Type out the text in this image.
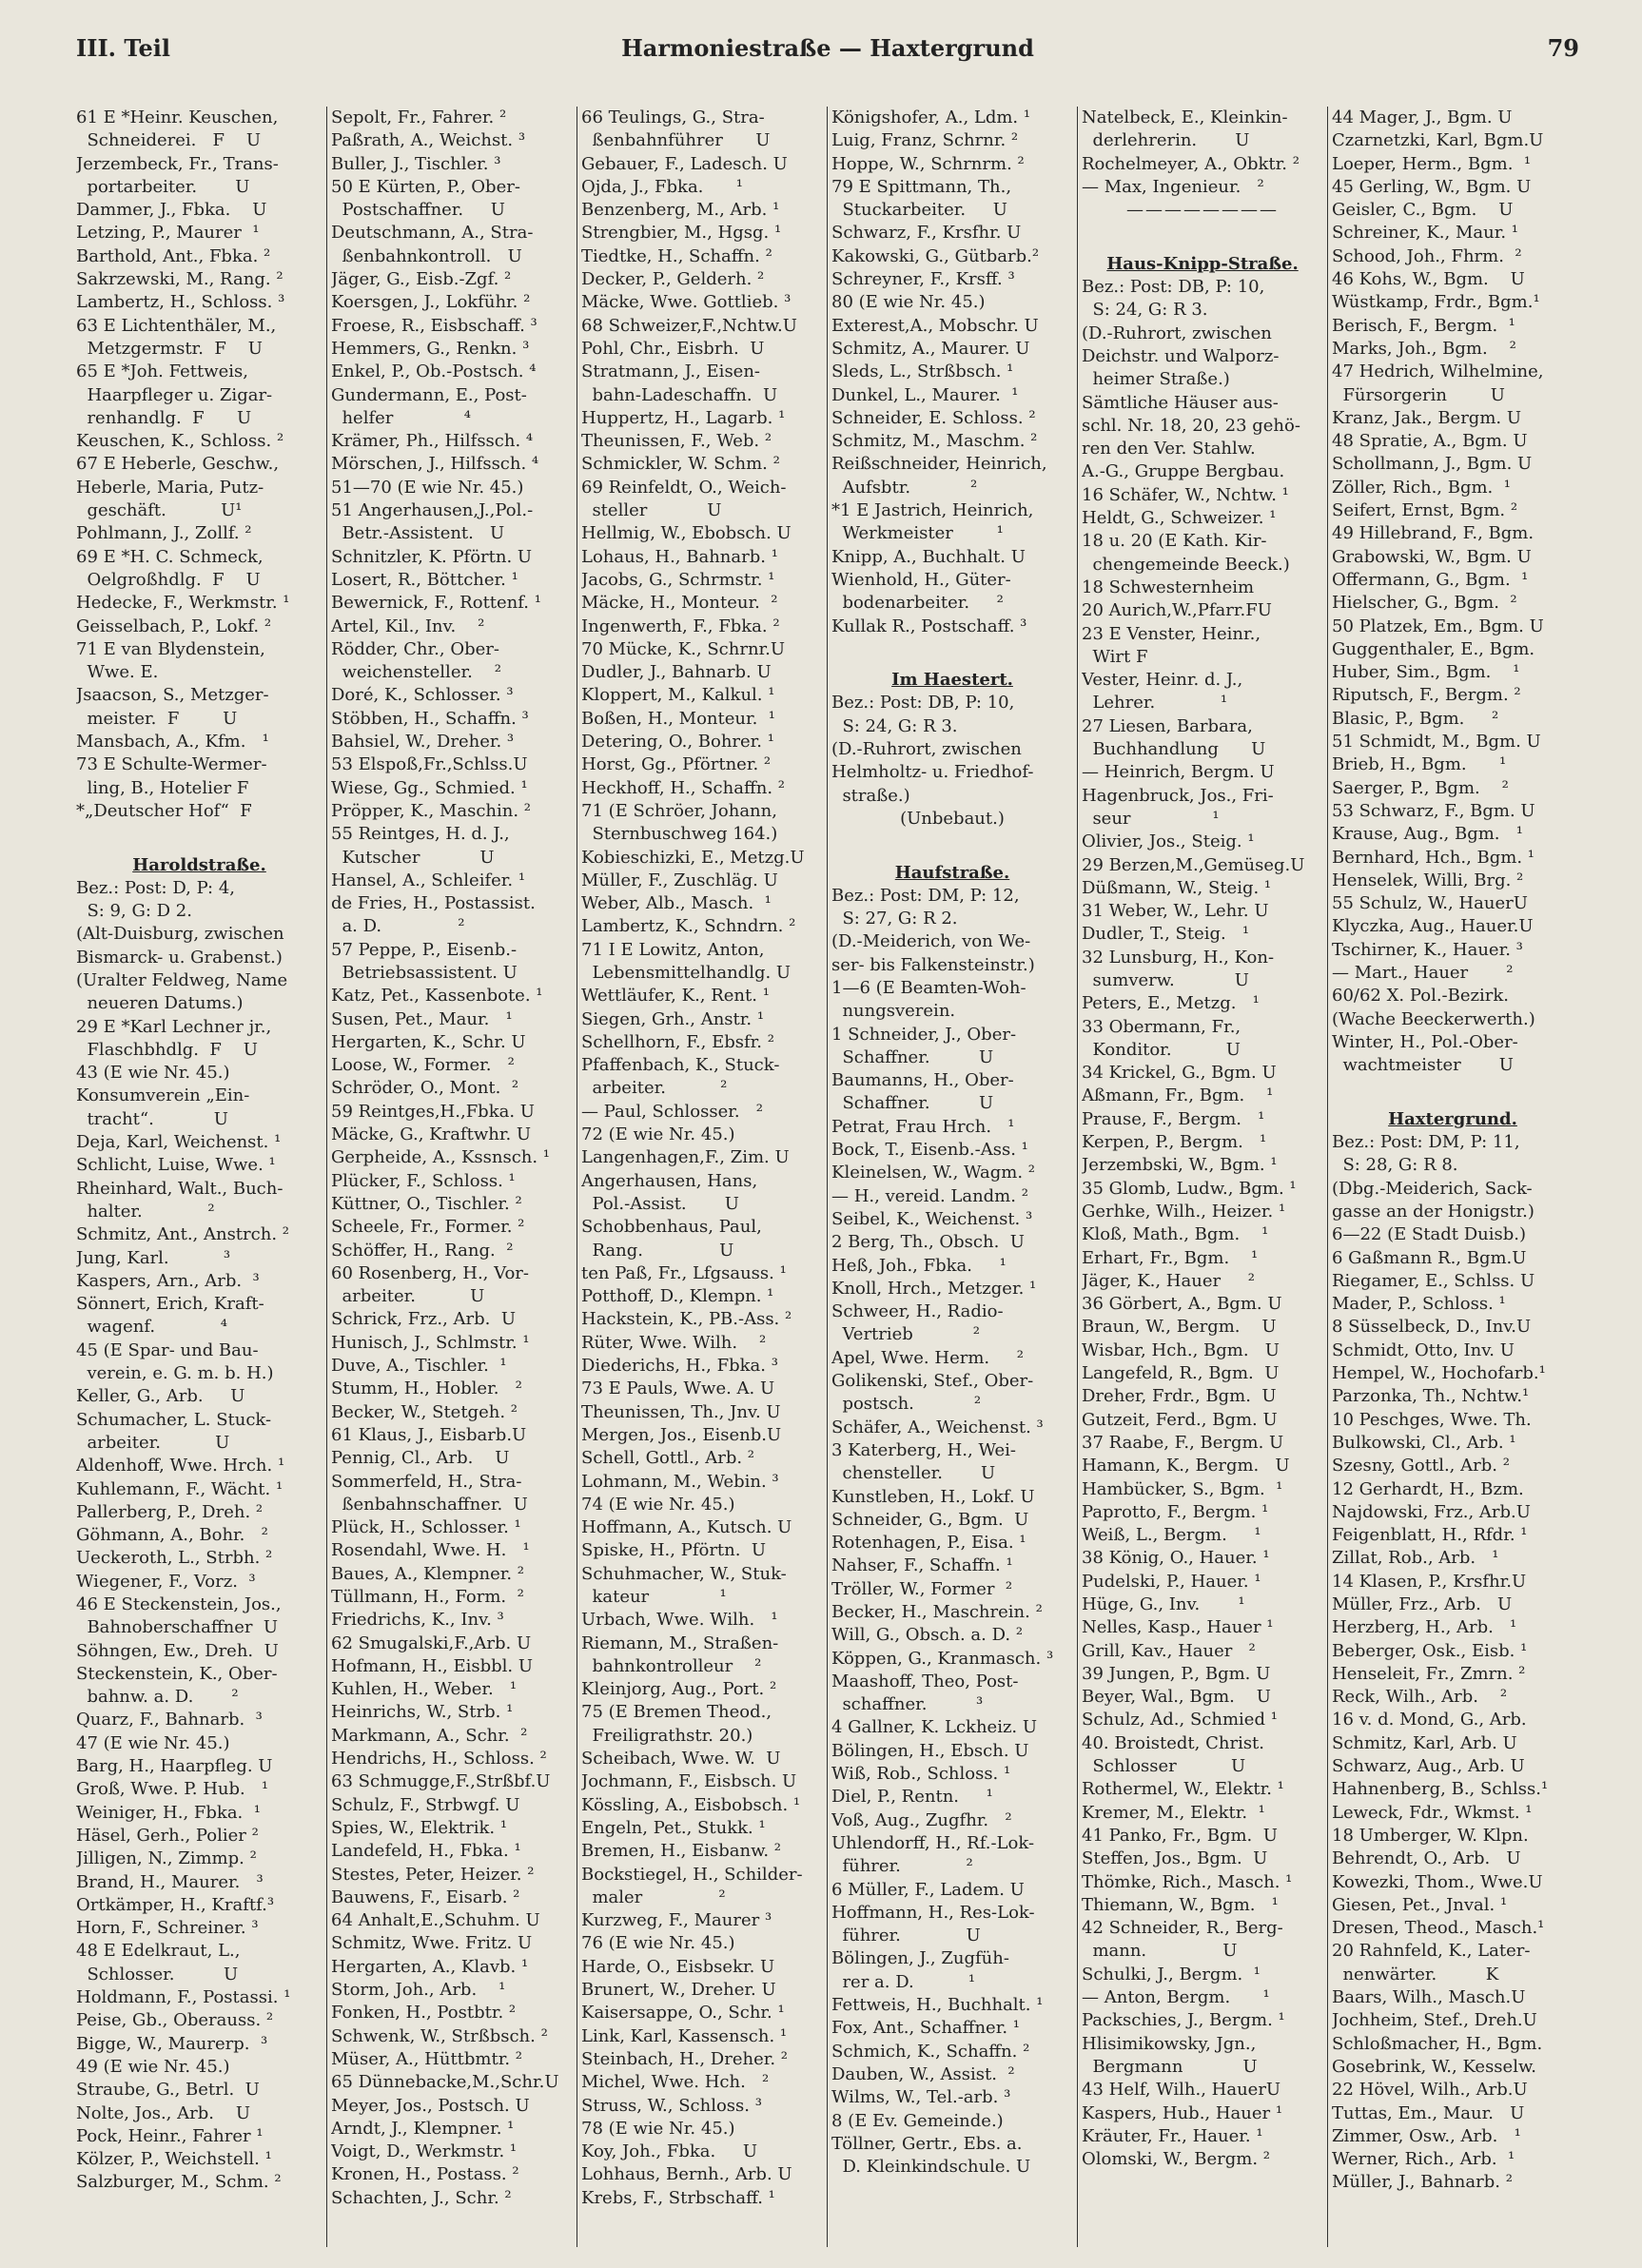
III. Teil	Harmoniestraße — Haxtergrund	79
61 E *Heinr. Keuschen,
Schneiderei.   F    U
Jerzembeck, Fr., Trans-
portarbeiter.       U
Dammer, J., Fbka.    U
Letzing, P., Maurer  ¹
Barthold, Ant., Fbka. ²
Sakrzewski, M., Rang. ²
Lambertz, H., Schloss. ³
63 E Lichtenthäler, M.,
Metzgermstr.  F    U
65 E *Joh. Fettweis,
Haarpfleger u. Zigar-
renhandlg.  F      U
Keuschen, K., Schloss. ²
67 E Heberle, Geschw.,
Heberle, Maria, Putz-
geschäft.          U¹
Pohlmann, J., Zollf. ²
69 E *H. C. Schmeck,
Oelgroßhdlg.  F    U
Hedecke, F., Werkmstr. ¹
Geisselbach, P., Lokf. ²
71 E van Blydenstein,
Wwe. E.
Jsaacson, S., Metzger-
meister.  F        U
Mansbach, A., Kfm.   ¹
73 E Schulte-Wermer-
ling, B., Hotelier F
*„Deutscher Hof“  F
Haroldstraße.
Bez.: Post: D, P: 4,
S: 9, G: D 2.
(Alt-Duisburg, zwischen
Bismarck- u. Grabenst.)
(Uralter Feldweg, Name
neueren Datums.)
29 E *Karl Lechner jr.,
Flaschbhdlg.  F    U
43 (E wie Nr. 45.)
Konsumverein „Ein-
tracht“.           U
Deja, Karl, Weichenst. ¹
Schlicht, Luise, Wwe. ¹
Rheinhard, Walt., Buch-
halter.            ²
Schmitz, Ant., Anstrch. ²
Jung, Karl.          ³
Kaspers, Arn., Arb.  ³
Sönnert, Erich, Kraft-
wagenf.            ⁴
45 (E Spar- und Bau-
verein, e. G. m. b. H.)
Keller, G., Arb.     U
Schumacher, L. Stuck-
arbeiter.          U
Aldenhoff, Wwe. Hrch. ¹
Kuhlemann, F., Wächt. ¹
Pallerberg, P., Dreh. ²
Göhmann, A., Bohr.   ²
Ueckeroth, L., Strbh. ²
Wiegener, F., Vorz.  ³
46 E Steckenstein, Jos.,
Bahnoberschaffner  U
Söhngen, Ew., Dreh.  U
Steckenstein, K., Ober-
bahnw. a. D.       ²
Quarz, F., Bahnarb.  ³
47 (E wie Nr. 45.)
Barg, H., Haarpfleg. U
Groß, Wwe. P. Hub.   ¹
Weiniger, H., Fbka.  ¹
Häsel, Gerh., Polier ²
Jilligen, N., Zimmp. ²
Brand, H., Maurer.   ³
Ortkämper, H., Kraftf.³
Horn, F., Schreiner. ³
48 E Edelkraut, L.,
Schlosser.         U
Holdmann, F., Postassi. ¹
Peise, Gb., Oberauss. ²
Bigge, W., Maurerp.  ³
49 (E wie Nr. 45.)
Straube, G., Betrl.  U
Nolte, Jos., Arb.    U
Pock, Heinr., Fahrer ¹
Kölzer, P., Weichstell. ¹
Salzburger, M., Schm. ²
Sepolt, Fr., Fahrer. ²
Paßrath, A., Weichst. ³
Buller, J., Tischler. ³
50 E Kürten, P., Ober-
Postschaffner.     U
Deutschmann, A., Stra-
ßenbahnkontroll.   U
Jäger, G., Eisb.-Zgf. ²
Koersgen, J., Lokführ. ²
Froese, R., Eisbschaff. ³
Hemmers, G., Renkn. ³
Enkel, P., Ob.-Postsch. ⁴
Gundermann, E., Post-
helfer             ⁴
Krämer, Ph., Hilfssch. ⁴
Mörschen, J., Hilfssch. ⁴
51—70 (E wie Nr. 45.)
51 Angerhausen,J.,Pol.-
Betr.-Assistent.   U
Schnitzler, K. Pförtn. U
Losert, R., Böttcher. ¹
Bewernick, F., Rottenf. ¹
Artel, Kil., Inv.    ²
Rödder, Chr., Ober-
weichensteller.    ²
Doré, K., Schlosser. ³
Stöbben, H., Schaffn. ³
Bahsiel, W., Dreher. ³
53 Elspoß,Fr.,Schlss.U
Wiese, Gg., Schmied. ¹
Pröpper, K., Maschin. ²
55 Reintges, H. d. J.,
Kutscher           U
Hansel, A., Schleifer. ¹
de Fries, H., Postassist.
a. D.              ²
57 Peppe, P., Eisenb.-
Betriebsassistent. U
Katz, Pet., Kassenbote. ¹
Susen, Pet., Maur.   ¹
Hergarten, K., Schr. U
Loose, W., Former.   ²
Schröder, O., Mont.  ²
59 Reintges,H.,Fbka. U
Mäcke, G., Kraftwhr. U
Gerpheide, A., Kssnsch. ¹
Plücker, F., Schloss. ¹
Küttner, O., Tischler. ²
Scheele, Fr., Former. ²
Schöffer, H., Rang.  ²
60 Rosenberg, H., Vor-
arbeiter.          U
Schrick, Frz., Arb.  U
Hunisch, J., Schlmstr. ¹
Duve, A., Tischler.  ¹
Stumm, H., Hobler.   ²
Becker, W., Stetgeh. ²
61 Klaus, J., Eisbarb.U
Pennig, Cl., Arb.    U
Sommerfeld, H., Stra-
ßenbahnschaffner.  U
Plück, H., Schlosser. ¹
Rosendahl, Wwe. H.   ¹
Baues, A., Klempner. ²
Tüllmann, H., Form.  ²
Friedrichs, K., Inv. ³
62 Smugalski,F.,Arb. U
Hofmann, H., Eisbbl. U
Kuhlen, H., Weber.   ¹
Heinrichs, W., Strb. ¹
Markmann, A., Schr.  ²
Hendrichs, H., Schloss. ²
63 Schmugge,F.,Strßbf.U
Schulz, F., Strbwgf. U
Spies, W., Elektrik. ¹
Landefeld, H., Fbka. ¹
Stestes, Peter, Heizer. ²
Bauwens, F., Eisarb. ²
64 Anhalt,E.,Schuhm. U
Schmitz, Wwe. Fritz. U
Hergarten, A., Klavb. ¹
Storm, Joh., Arb.    ¹
Fonken, H., Postbtr. ²
Schwenk, W., Strßbsch. ²
Müser, A., Hüttbmtr. ²
65 Dünnebacke,M.,Schr.U
Meyer, Jos., Postsch. U
Arndt, J., Klempner. ¹
Voigt, D., Werkmstr. ¹
Kronen, H., Postass. ²
Schachten, J., Schr. ²
66 Teulings, G., Stra-
ßenbahnführer      U
Gebauer, F., Ladesch. U
Ojda, J., Fbka.      ¹
Benzenberg, M., Arb. ¹
Strengbier, M., Hgsg. ¹
Tiedtke, H., Schaffn. ²
Decker, P., Gelderh. ²
Mäcke, Wwe. Gottlieb. ³
68 Schweizer,F.,Nchtw.U
Pohl, Chr., Eisbrh.  U
Stratmann, J., Eisen-
bahn-Ladeschaffn.  U
Huppertz, H., Lagarb. ¹
Theunissen, F., Web. ²
Schmickler, W. Schm. ²
69 Reinfeldt, O., Weich-
steller           U
Hellmig, W., Ebobsch. U
Lohaus, H., Bahnarb. ¹
Jacobs, G., Schrmstr. ¹
Mäcke, H., Monteur.  ²
Ingenwerth, F., Fbka. ²
70 Mücke, K., Schrnr.U
Dudler, J., Bahnarb. U
Kloppert, M., Kalkul. ¹
Boßen, H., Monteur.  ¹
Detering, O., Bohrer. ¹
Horst, Gg., Pförtner. ²
Heckhoff, H., Schaffn. ²
71 (E Schröer, Johann,
Sternbuschweg 164.)
Kobieschizki, E., Metzg.U
Müller, F., Zuschläg. U
Weber, Alb., Masch.  ¹
Lambertz, K., Schndrn. ²
71 I E Lowitz, Anton,
Lebensmittelhandlg. U
Wettläufer, K., Rent. ¹
Siegen, Grh., Anstr. ¹
Schellhorn, F., Ebsfr. ²
Pfaffenbach, K., Stuck-
arbeiter.          ²
— Paul, Schlosser.   ²
72 (E wie Nr. 45.)
Langenhagen,F., Zim. U
Angerhausen, Hans,
Pol.-Assist.       U
Schobbenhaus, Paul,
Rang.              U
ten Paß, Fr., Lfgsauss. ¹
Potthoff, D., Klempn. ¹
Hackstein, K., PB.-Ass. ²
Rüter, Wwe. Wilh.    ²
Diederichs, H., Fbka. ³
73 E Pauls, Wwe. A. U
Theunissen, Th., Jnv. U
Mergen, Jos., Eisenb.U
Schell, Gottl., Arb. ²
Lohmann, M., Webin. ³
74 (E wie Nr. 45.)
Hoffmann, A., Kutsch. U
Spiske, H., Pförtn.  U
Schuhmacher, W., Stuk-
kateur             ¹
Urbach, Wwe. Wilh.   ¹
Riemann, M., Straßen-
bahnkontrolleur    ²
Kleinjorg, Aug., Port. ²
75 (E Bremen Theod.,
Freiligrathstr. 20.)
Scheibach, Wwe. W.  U
Jochmann, F., Eisbsch. U
Kössling, A., Eisbobsch. ¹
Engeln, Pet., Stukk. ¹
Bremen, H., Eisbanw. ²
Bockstiegel, H., Schilder-
maler              ²
Kurzweg, F., Maurer ³
76 (E wie Nr. 45.)
Harde, O., Eisbsekr. U
Brunert, W., Dreher. U
Kaisersappe, O., Schr. ¹
Link, Karl, Kassensch. ¹
Steinbach, H., Dreher. ²
Michel, Wwe. Hch.   ²
Struss, W., Schloss. ³
78 (E wie Nr. 45.)
Koy, Joh., Fbka.     U
Lohhaus, Bernh., Arb. U
Krebs, F., Strbschaff. ¹
Königshofer, A., Ldm. ¹
Luig, Franz, Schrnr. ²
Hoppe, W., Schrnrm. ²
79 E Spittmann, Th.,
Stuckarbeiter.     U
Schwarz, F., Krsfhr. U
Kakowski, G., Gütbarb.²
Schreyner, F., Krsff. ³
80 (E wie Nr. 45.)
Exterest,A., Mobschr. U
Schmitz, A., Maurer. U
Sleds, L., Strßbsch. ¹
Dunkel, L., Maurer.  ¹
Schneider, E. Schloss. ²
Schmitz, M., Maschm. ²
Reißschneider, Heinrich,
Aufsbtr.           ²
*1 E Jastrich, Heinrich,
Werkmeister        ¹
Knipp, A., Buchhalt. U
Wienhold, H., Güter-
bodenarbeiter.     ²
Kullak R., Postschaff. ³
Im Haestert.
Bez.: Post: DB, P: 10,
S: 24, G: R 3.
(D.-Ruhrort, zwischen
Helmholtz- u. Friedhof-
straße.)
(Unbebaut.)
Haufstraße.
Bez.: Post: DM, P: 12,
S: 27, G: R 2.
(D.-Meiderich, von We-
ser- bis Falkensteinstr.)
1—6 (E Beamten-Woh-
nungsverein.
1 Schneider, J., Ober-
Schaffner.         U
Baumanns, H., Ober-
Schaffner.         U
Petrat, Frau Hrch.   ¹
Bock, T., Eisenb.-Ass. ¹
Kleinelsen, W., Wagm. ²
— H., vereid. Landm. ²
Seibel, K., Weichenst. ³
2 Berg, Th., Obsch.  U
Heß, Joh., Fbka.     ¹
Knoll, Hrch., Metzger. ¹
Schweer, H., Radio-
Vertrieb           ²
Apel, Wwe. Herm.     ²
Golikenski, Stef., Ober-
postsch.           ²
Schäfer, A., Weichenst. ³
3 Katerberg, H., Wei-
chensteller.       U
Kunstleben, H., Lokf. U
Schneider, G., Bgm.  U
Rotenhagen, P., Eisa. ¹
Nahser, F., Schaffn. ¹
Tröller, W., Former  ²
Becker, H., Maschrein. ²
Will, G., Obsch. a. D. ²
Köppen, G., Kranmasch. ³
Maashoff, Theo, Post-
schaffner.         ³
4 Gallner, K. Lckheiz. U
Bölingen, H., Ebsch. U
Wiß, Rob., Schloss. ¹
Diel, P., Rentn.     ¹
Voß, Aug., Zugfhr.   ²
Uhlendorff, H., Rf.-Lok-
führer.            ²
6 Müller, F., Ladem. U
Hoffmann, H., Res-Lok-
führer.            U
Bölingen, J., Zugfüh-
rer a. D.          ¹
Fettweis, H., Buchhalt. ¹
Fox, Ant., Schaffner. ¹
Schmich, K., Schaffn. ²
Dauben, W., Assist.  ²
Wilms, W., Tel.-arb. ³
8 (E Ev. Gemeinde.)
Töllner, Gertr., Ebs. a.
D. Kleinkindschule. U
Natelbeck, E., Kleinkin-
derlehrerin.       U
Rochelmeyer, A., Obktr. ²
— Max, Ingenieur.   ²
————————
Haus-Knipp-Straße.
Bez.: Post: DB, P: 10,
S: 24, G: R 3.
(D.-Ruhrort, zwischen
Deichstr. und Walporz-
heimer Straße.)
Sämtliche Häuser aus-
schl. Nr. 18, 20, 23 gehö-
ren den Ver. Stahlw.
A.-G., Gruppe Bergbau.
16 Schäfer, W., Nchtw. ¹
Heldt, G., Schweizer. ¹
18 u. 20 (E Kath. Kir-
chengemeinde Beeck.)
18 Schwesternheim
20 Aurich,W.,Pfarr.FU
23 E Venster, Heinr.,
Wirt F
Vester, Heinr. d. J.,
Lehrer.            ¹
27 Liesen, Barbara,
Buchhandlung      U
— Heinrich, Bergm. U
Hagenbruck, Jos., Fri-
seur               ¹
Olivier, Jos., Steig. ¹
29 Berzen,M.,Gemüseg.U
Düßmann, W., Steig. ¹
31 Weber, W., Lehr. U
Dudler, T., Steig.   ¹
32 Lunsburg, H., Kon-
sumverw.           U
Peters, E., Metzg.   ¹
33 Obermann, Fr.,
Konditor.          U
34 Krickel, G., Bgm. U
Aßmann, Fr., Bgm.    ¹
Prause, F., Bergm.   ¹
Kerpen, P., Bergm.   ¹
Jerzembski, W., Bgm. ¹
35 Glomb, Ludw., Bgm. ¹
Gerhke, Wilh., Heizer. ¹
Kloß, Math., Bgm.    ¹
Erhart, Fr., Bgm.    ¹
Jäger, K., Hauer     ²
36 Görbert, A., Bgm. U
Braun, W., Bergm.    U
Wisbar, Hch., Bgm.   U
Langefeld, R., Bgm.  U
Dreher, Frdr., Bgm.  U
Gutzeit, Ferd., Bgm. U
37 Raabe, F., Bergm. U
Hamann, K., Bergm.   U
Hambücker, S., Bgm.  ¹
Paprotto, F., Bergm. ¹
Weiß, L., Bergm.     ¹
38 König, O., Hauer. ¹
Pudelski, P., Hauer. ¹
Hüge, G., Inv.       ¹
Nelles, Kasp., Hauer ¹
Grill, Kav., Hauer   ²
39 Jungen, P., Bgm. U
Beyer, Wal., Bgm.    U
Schulz, Ad., Schmied ¹
40. Broistedt, Christ.
Schlosser          U
Rothermel, W., Elektr. ¹
Kremer, M., Elektr.  ¹
41 Panko, Fr., Bgm.  U
Steffen, Jos., Bgm.  U
Thömke, Rich., Masch. ¹
Thiemann, W., Bgm.   ¹
42 Schneider, R., Berg-
mann.              U
Schulki, J., Bergm.  ¹
— Anton, Bergm.      ¹
Packschies, J., Bergm. ¹
Hlisimikowsky, Jgn.,
Bergmann           U
43 Helf, Wilh., HauerU
Kaspers, Hub., Hauer ¹
Kräuter, Fr., Hauer. ¹
Olomski, W., Bergm. ²
44 Mager, J., Bgm. U
Czarnetzki, Karl, Bgm.U
Loeper, Herm., Bgm.  ¹
45 Gerling, W., Bgm. U
Geisler, C., Bgm.    U
Schreiner, K., Maur. ¹
Schood, Joh., Fhrm.  ²
46 Kohs, W., Bgm.    U
Wüstkamp, Frdr., Bgm.¹
Berisch, F., Bergm.  ¹
Marks, Joh., Bgm.    ²
47 Hedrich, Wilhelmine,
Fürsorgerin        U
Kranz, Jak., Bergm. U
48 Spratie, A., Bgm. U
Schollmann, J., Bgm. U
Zöller, Rich., Bgm.  ¹
Seifert, Ernst, Bgm. ²
49 Hillebrand, F., Bgm.
Grabowski, W., Bgm. U
Offermann, G., Bgm.  ¹
Hielscher, G., Bgm.  ²
50 Platzek, Em., Bgm. U
Guggenthaler, E., Bgm.
Huber, Sim., Bgm.    ¹
Riputsch, F., Bergm. ²
Blasic, P., Bgm.     ²
51 Schmidt, M., Bgm. U
Brieb, H., Bgm.      ¹
Saerger, P., Bgm.    ²
53 Schwarz, F., Bgm. U
Krause, Aug., Bgm.   ¹
Bernhard, Hch., Bgm. ¹
Henselek, Willi, Brg. ²
55 Schulz, W., HauerU
Klyczka, Aug., Hauer.U
Tschirner, K., Hauer. ³
— Mart., Hauer       ²
60/62 X. Pol.-Bezirk.
(Wache Beeckerwerth.)
Winter, H., Pol.-Ober-
wachtmeister       U
Haxtergrund.
Bez.: Post: DM, P: 11,
S: 28, G: R 8.
(Dbg.-Meiderich, Sack-
gasse an der Honigstr.)
6—22 (E Stadt Duisb.)
6 Gaßmann R., Bgm.U
Riegamer, E., Schlss. U
Mader, P., Schloss. ¹
8 Süsselbeck, D., Inv.U
Schmidt, Otto, Inv. U
Hempel, W., Hochofarb.¹
Parzonka, Th., Nchtw.¹
10 Peschges, Wwe. Th.
Bulkowski, Cl., Arb. ¹
Szesny, Gottl., Arb. ²
12 Gerhardt, H., Bzm.
Najdowski, Frz., Arb.U
Feigenblatt, H., Rfdr. ¹
Zillat, Rob., Arb.   ¹
14 Klasen, P., Krsfhr.U
Müller, Frz., Arb.   U
Herzberg, H., Arb.   ¹
Beberger, Osk., Eisb. ¹
Henseleit, Fr., Zmrn. ²
Reck, Wilh., Arb.    ²
16 v. d. Mond, G., Arb.
Schmitz, Karl, Arb. U
Schwarz, Aug., Arb. U
Hahnenberg, B., Schlss.¹
Leweck, Fdr., Wkmst. ¹
18 Umberger, W. Klpn.
Behrendt, O., Arb.   U
Kowezki, Thom., Wwe.U
Giesen, Pet., Jnval. ¹
Dresen, Theod., Masch.¹
20 Rahnfeld, K., Later-
nenwärter.         K
Baars, Wilh., Masch.U
Jochheim, Stef., Dreh.U
Schloßmacher, H., Bgm.
Gosebrink, W., Kesselw.
22 Hövel, Wilh., Arb.U
Tuttas, Em., Maur.   U
Zimmer, Osw., Arb.   ¹
Werner, Rich., Arb.  ¹
Müller, J., Bahnarb. ²
